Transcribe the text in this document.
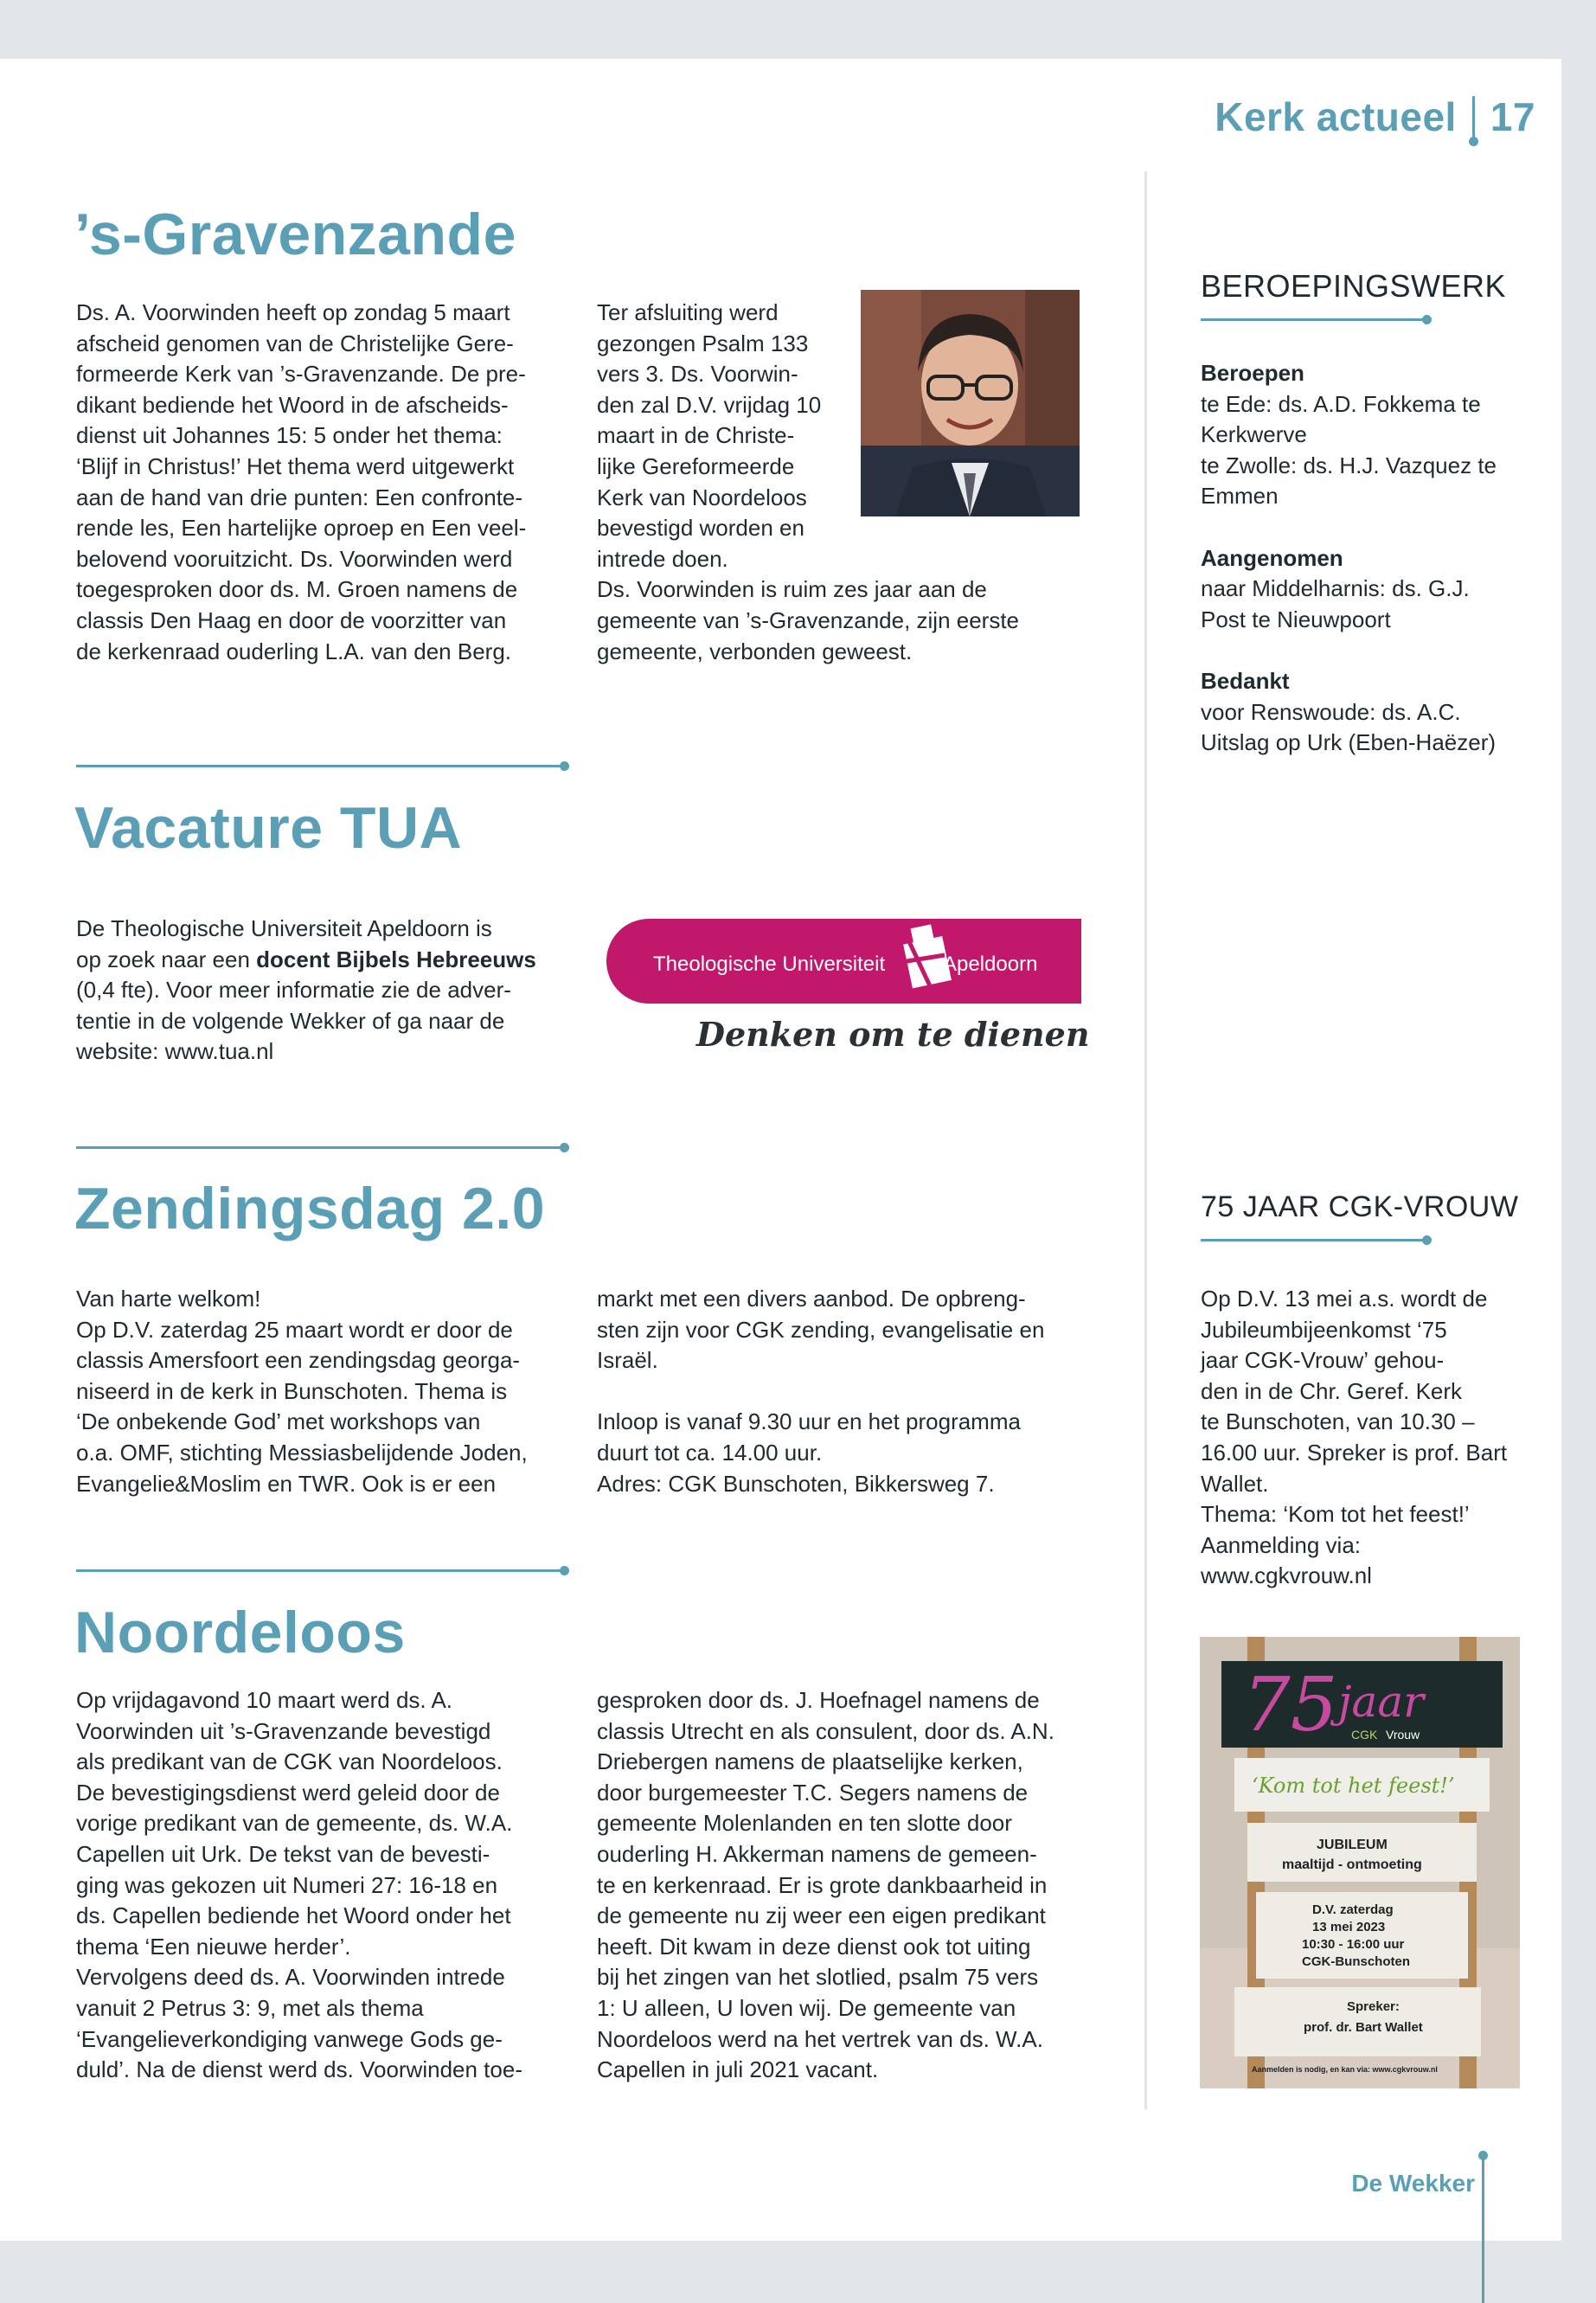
Kerk actueel 17
’s-Gravenzande

Ds. A. Voorwinden heeft op zondag 5 maart

afscheid genomen van de Christelijke Gere-

formeerde Kerk van ’s-Gravenzande. De pre-

dikant bediende het Woord in de afscheids-

dienst uit Johannes 15: 5 onder het thema:

‘Blijf in Christus!’ Het thema werd uitgewerkt

aan de hand van drie punten: Een confronte-

rende les, Een hartelijke oproep en Een veel-

belovend vooruitzicht. Ds. Voorwinden werd

toegesproken door ds. M. Groen namens de

classis Den Haag en door de voorzitter van

de kerkenraad ouderling L.A. van den Berg.

Ter afsluiting werd

gezongen Psalm 133

vers 3. Ds. Voorwin-

den zal D.V. vrijdag 10

maart in de Christe-

lijke Gereformeerde

Kerk van Noordeloos

bevestigd worden en

intrede doen.

Ds. Voorwinden is ruim zes jaar aan de

gemeente van ’s-Gravenzande, zijn eerste

gemeente, verbonden geweest.

BEROEPINGSWERK

Beroepen

te Ede: ds. A.D. Fokkema te

Kerkwerve

te Zwolle: ds. H.J. Vazquez te

Emmen

Aangenomen

naar Middelharnis: ds. G.J.

Post te Nieuwpoort

Bedankt

voor Renswoude: ds. A.C.

Uitslag op Urk (Eben-Haëzer)

Vacature TUA

De Theologische Universiteit Apeldoorn is

op zoek naar een docent Bijbels Hebreeuws

(0,4 fte). Voor meer informatie zie de adver-

tentie in de volgende Wekker of ga naar de

website: www.tua.nl

Theologische Universiteit	Apeldoorn
Denken om te dienen
Zendingsdag 2.0

Van harte welkom!

Op D.V. zaterdag 25 maart wordt er door de

classis Amersfoort een zendingsdag georga-

niseerd in de kerk in Bunschoten. Thema is

‘De onbekende God’ met workshops van

o.a. OMF, stichting Messiasbelijdende Joden,

Evangelie&Moslim en TWR. Ook is er een

markt met een divers aanbod. De opbreng-

sten zijn voor CGK zending, evangelisatie en

Israël.

Inloop is vanaf 9.30 uur en het programma

duurt tot ca. 14.00 uur.

Adres: CGK Bunschoten, Bikkersweg 7.

75 JAAR CGK-VROUW

Op D.V. 13 mei a.s. wordt de

Jubileumbijeenkomst ‘75

jaar CGK-Vrouw’ gehou-

den in de Chr. Geref. Kerk

te Bunschoten, van 10.30 –

16.00 uur. Spreker is prof. Bart

Wallet.

Thema: ‘Kom tot het feest!’

Aanmelding via:

www.cgkvrouw.nl

75 jaar
CGK Vrouw
‘Kom tot het feest!’
JUBILEUM
maaltijd - ontmoeting
D.V. zaterdag
13 mei 2023
10:30 - 16:00 uur
CGK-Bunschoten
Spreker:
prof. dr. Bart Wallet
Aanmelden is nodig, en kan via: www.cgkvrouw.nl
Noordeloos

Op vrijdagavond 10 maart werd ds. A.

Voorwinden uit ’s-Gravenzande bevestigd

als predikant van de CGK van Noordeloos.

De bevestigingsdienst werd geleid door de

vorige predikant van de gemeente, ds. W.A.

Capellen uit Urk. De tekst van de bevesti-

ging was gekozen uit Numeri 27: 16-18 en

ds. Capellen bediende het Woord onder het

thema ‘Een nieuwe herder’.

Vervolgens deed ds. A. Voorwinden intrede

vanuit 2 Petrus 3: 9, met als thema

‘Evangelieverkondiging vanwege Gods ge-

duld’. Na de dienst werd ds. Voorwinden toe-

gesproken door ds. J. Hoefnagel namens de

classis Utrecht en als consulent, door ds. A.N.

Driebergen namens de plaatselijke kerken,

door burgemeester T.C. Segers namens de

gemeente Molenlanden en ten slotte door

ouderling H. Akkerman namens de gemeen-

te en kerkenraad. Er is grote dankbaarheid in

de gemeente nu zij weer een eigen predikant

heeft. Dit kwam in deze dienst ook tot uiting

bij het zingen van het slotlied, psalm 75 vers

1: U alleen, U loven wij. De gemeente van

Noordeloos werd na het vertrek van ds. W.A.

Capellen in juli 2021 vacant.

De Wekker
